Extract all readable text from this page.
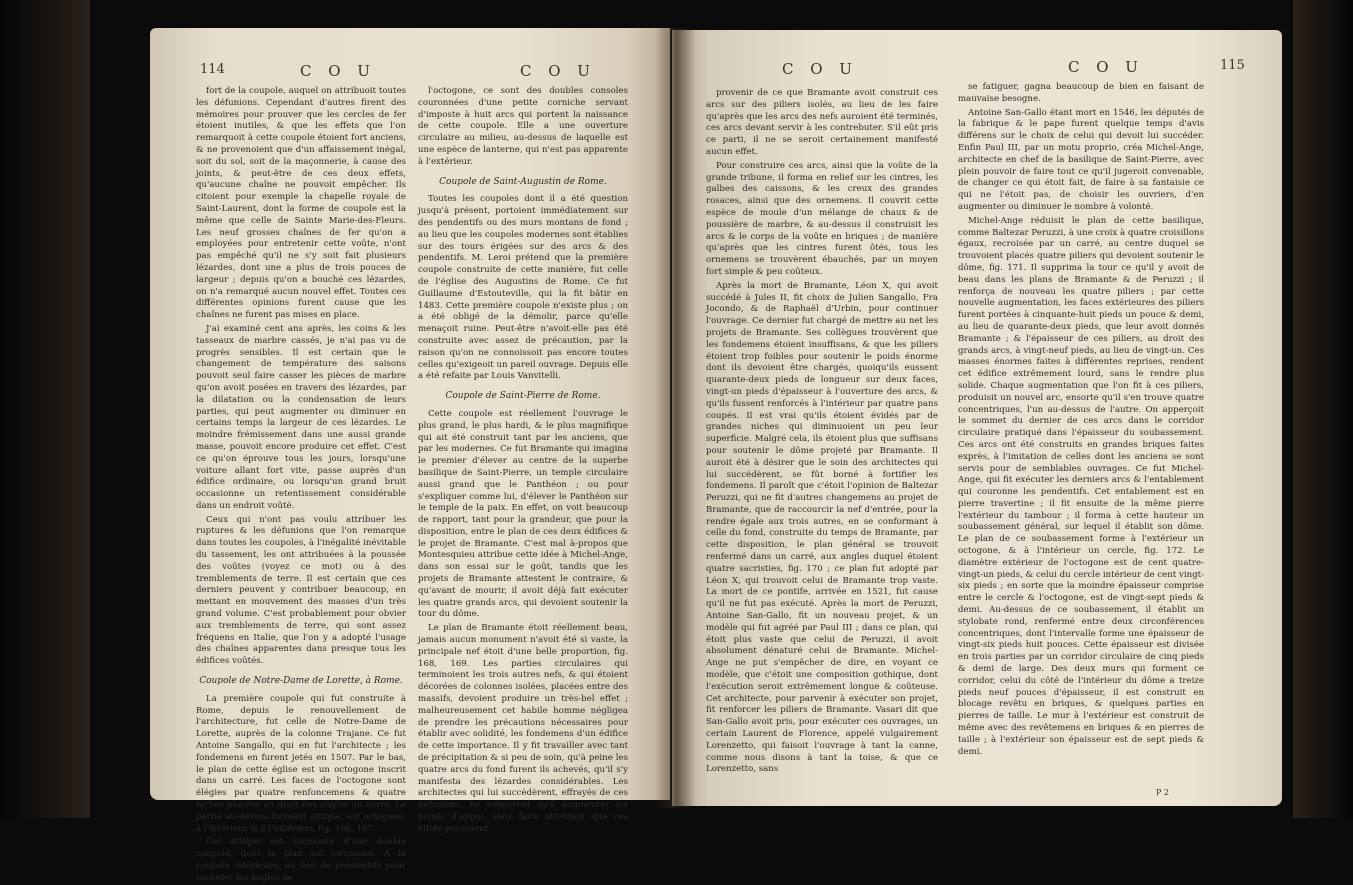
114	C O U	C O U

fort de la coupole, auquel on attribuoit toutes les défunions. Cependant d'autres firent des mémoires pour prouver que les cercles de fer étoient inutiles, & que les effets que l'on remarquoit à cette coupole étoient fort anciens, & ne provenoient que d'un affaissement inégal, soit du sol, soit de la maçonnerie, à cause des joints, & peut-être de ces deux effets, qu'aucune chaîne ne pouvoit empêcher. Ils citoient pour exemple la chapelle royale de Saint-Laurent, dont la forme de coupole est la même que celle de Sainte Marie-des-Fleurs. Les neuf grosses chaînes de fer qu'on a employées pour entretenir cette voûte, n'ont pas empêché qu'il ne s'y soit fait plusieurs lézardes, dont une a plus de trois pouces de largeur ; depuis qu'on a bouché ces lézardes, on n'a remarqué aucun nouvel effet. Toutes ces différentes opinions furent cause que les chaînes ne furent pas mises en place.

J'ai examiné cent ans après, les coins & les tasseaux de marbre cassés, je n'ai pas vu de progrès sensibles. Il est certain que le changement de température des saisons pouvoit seul faire casser les pièces de marbre qu'on avoit posées en travers des lézardes, par la dilatation ou la condensation de leurs parties, qui peut augmenter ou diminuer en certains temps la largeur de ces lézardes. Le moindre frémissement dans une aussi grande masse, pouvoit encore produire cet effet. C'est ce qu'on éprouve tous les jours, lorsqu'une voiture allant fort vite, passe auprès d'un édifice ordinaire, ou lorsqu'un grand bruit occasionne un retentissement considérable dans un endroit voûté.

Ceux qui n'ont pas voulu attribuer les ruptures & les défunions que l'on remarque dans toutes les coupoles, à l'inégalité inévitable du tassement, les ont attribuées à la poussée des voûtes (voyez ce mot) ou à des tremblements de terre. Il est certain que ces derniers peuvent y contribuer beaucoup, en mettant en mouvement des masses d'un très grand volume. C'est probablement pour obvier aux tremblements de terre, qui sont assez fréquens en Italie, que l'on y a adopté l'usage des chaînes apparentes dans presque tous les édifices voûtés.

Coupole de Notre-Dame de Lorette, à Rome.

La première coupole qui fut construite à Rome, depuis le renouvellement de l'architecture, fut celle de Notre-Dame de Lorette, auprès de la colonne Trajane. Ce fut Antoine Sangallo, qui en fut l'architecte ; les fondemens en furent jetés en 1507. Par le bas, le plan de cette église est un octogone inscrit dans un carré. Les faces de l'octogone sont élégies par quatre renfoncemens & quatre niches placées au droit des angles du carré. La partie au-dessus formant attique, est octogone, à l'intérieur & à l'extérieur, fig. 166, 167.

Cet attique est surmonté d'une double coupole, dont le plan est circulaire. A la coupole intérieure, au lieu de pendentifs pour racheter les angles de

l'octogone, ce sont des doubles consoles couronnées d'une petite corniche servant d'imposte à huit arcs qui portent la naissance de cette coupole. Elle a une ouverture circulaire au milieu, au-dessus de laquelle est une espèce de lanterne, qui n'est pas apparente à l'extérieur.

Coupole de Saint-Augustin de Rome.

Toutes les coupoles dont il a été question jusqu'à présent, portoient immédiatement sur des pendentifs ou des murs montans de fond ; au lieu que les coupoles modernes sont établies sur des tours érigées sur des arcs & des pendentifs. M. Leroi prétend que la première coupole construite de cette manière, fut celle de l'église des Augustins de Rome. Ce fut Guillaume d'Estouteville, qui la fit bâtir en 1483. Cette première coupole n'existe plus ; on a été obligé de la démolir, parce qu'elle menaçoit ruine. Peut-être n'avoit-elle pas été construite avec assez de précaution, par la raison qu'on ne connoissoit pas encore toutes celles qu'exigeoit un pareil ouvrage. Depuis elle a été refaite par Louis Vanvitelli.

Coupole de Saint-Pierre de Rome.

Cette coupole est réellement l'ouvrage le plus grand, le plus hardi, & le plus magnifique qui ait été construit tant par les anciens, que par les modernes. Ce fut Bramante qui imagina le premier d'élever au centre de la superbe basilique de Saint-Pierre, un temple circulaire aussi grand que le Panthéon ; ou pour s'expliquer comme lui, d'élever le Panthéon sur le temple de la paix. En effet, on voit beaucoup de rapport, tant pour la grandeur, que pour la disposition, entre le plan de ces deux édifices & le projet de Bramante. C'est mal à-propos que Montesquieu attribue cette idée à Michel-Ange, dans son essai sur le goût, tandis que les projets de Bramante attestent le contraire, & qu'avant de mourir, il avoit déjà fait exécuter les quatre grands arcs, qui devoient soutenir la tour du dôme.

Le plan de Bramante étoit réellement beau, jamais aucun monument n'avoit été si vaste, la principale nef étoit d'une belle proportion, fig. 168, 169. Les parties circulaires qui terminoient les trois autres nefs, & qui étoient décorées de colonnes isolées, placées entre des massifs, devoient produire un très-bel effet ; malheureusement cet habile homme négligea de prendre les précautions nécessaires pour établir avec solidité, les fondemens d'un édifice de cette importance. Il y fit travailler avec tant de précipitation & si peu de soin, qu'à peine les quatre arcs du fond furent ils achevés, qu'il s'y manifesta des lézardes considérables. Les architectes qui lui succédèrent, effrayés de ces défunions, ne songèrent qu'à augmenter les points d'appui, sans faire attention que ces effets pouvoient

C O U	C O U	115

provenir de ce que Bramante avoit construit ces arcs sur des piliers isolés, au lieu de les faire qu'après que les arcs des nefs auroient été terminés, ces arcs devant servir à les contrebuter. S'il eût pris ce parti, il ne se seroit certainement manifesté aucun effet.

Pour construire ces arcs, ainsi que la voûte de la grande tribune, il forma en relief sur les cintres, les galbes des caissons, & les creux des grandes rosaces, ainsi que des ornemens. Il couvrit cette espèce de moule d'un mélange de chaux & de poussière de marbre, & au-dessus il construisit les arcs & le corps de la voûte en briques ; de manière qu'après que les cintres furent ôtés, tous les ornemens se trouvèrent ébauchés, par un moyen fort simple & peu coûteux.

Après la mort de Bramante, Léon X, qui avoit succédé à Jules II, fit choix de Julien Sangallo, Fra Jocondo, & de Raphaël d'Urbin, pour continuer l'ouvrage. Ce dernier fut chargé de mettre au net les projets de Bramante. Ses collègues trouvèrent que les fondemens étoient insuffisans, & que les piliers étoient trop foibles pour soutenir le poids énorme dont ils devoient être chargés, quoiqu'ils eussent quarante-deux pieds de longueur sur deux faces, vingt-un pieds d'épaisseur à l'ouverture des arcs, & qu'ils fussent renforcés à l'intérieur par quatre pans coupés. Il est vrai qu'ils étoient évidés par de grandes niches qui diminuoient un peu leur superficie. Malgré cela, ils étoient plus que suffisans pour soutenir le dôme projeté par Bramante. Il auroit été à désirer que le soin des architectes qui lui succédèrent, se fût borné à fortifier les fondemens. Il paroît que c'étoit l'opinion de Baltezar Peruzzi, qui ne fit d'autres changemens au projet de Bramante, que de raccourcir la nef d'entrée, pour la rendre égale aux trois autres, en se conformant à celle du fond, construite du temps de Bramante, par cette disposition, le plan général se trouvoit renfermé dans un carré, aux angles duquel étoient quatre sacristies, fig. 170 ; ce plan fut adopté par Léon X, qui trouvoit celui de Bramante trop vaste. La mort de ce pontife, arrivée en 1521, fut cause qu'il ne fut pas exécuté. Après la mort de Peruzzi, Antoine San-Gallo, fit un nouveau projet, & un modèle qui fut agréé par Paul III ; dans ce plan, qui étoit plus vaste que celui de Peruzzi, il avoit absolument dénaturé celui de Bramante. Michel-Ange ne put s'empêcher de dire, en voyant ce modèle, que c'étoit une composition gothique, dont l'exécution seroit extrêmement longue & coûteuse. Cet architecte, pour parvenir à exécuter son projet, fit renforcer les piliers de Bramante. Vasari dit que San-Gallo avoit pris, pour exécuter ces ouvrages, un certain Laurent de Florence, appelé vulgairement Lorenzetto, qui faisoit l'ouvrage à tant la canne, comme nous disons à tant la toise, & que ce Lorenzetto, sans

se fatiguer, gagna beaucoup de bien en faisant de mauvaise besogne.

Antoine San-Gallo étant mort en 1546, les députés de la fabrique & le pape furent quelque temps d'avis différens sur le choix de celui qui devoit lui succéder. Enfin Paul III, par un motu proprio, créa Michel-Ange, architecte en chef de la basilique de Saint-Pierre, avec plein pouvoir de faire tout ce qu'il jugeroit convenable, de changer ce qui étoit fait, de faire à sa fantaisie ce qui ne l'étoit pas, de choisir les ouvriers, d'en augmenter ou diminuer le nombre à volonté.

Michel-Ange réduisit le plan de cette basilique, comme Baltezar Peruzzi, à une croix à quatre croisillons égaux, recroisée par un carré, au centre duquel se trouvoient placés quatre piliers qui devoient soutenir le dôme, fig. 171. Il supprima la tour ce qu'il y avoit de beau dans les plans de Bramante & de Peruzzi ; il renforça de nouveau les quatre piliers ; par cette nouvelle augmentation, les faces extérieures des piliers furent portées à cinquante-huit pieds un pouce & demi, au lieu de quarante-deux pieds, que leur avoit donnés Bramante ; & l'épaisseur de ces piliers, au droit des grands arcs, à vingt-neuf pieds, au lieu de vingt-un. Ces masses énormes faites à différentes reprises, rendent cet édifice extrêmement lourd, sans le rendre plus solide. Chaque augmentation que l'on fit à ces piliers, produisit un nouvel arc, ensorte qu'il s'en trouve quatre concentriques, l'un au-dessus de l'autre. On apperçoit le sommet du dernier de ces arcs dans le corridor circulaire pratiqué dans l'épaisseur du soubassement. Ces arcs ont été construits en grandes briques faites exprès, à l'imitation de celles dont les anciens se sont servis pour de semblables ouvrages. Ce fut Michel-Ange, qui fit exécuter les derniers arcs & l'entablement qui couronne les pendentifs. Cet entablement est en pierre travertine ; il fit ensuite de la même pierre l'extérieur du tambour ; il forma à cette hauteur un soubassement général, sur lequel il établit son dôme. Le plan de ce soubassement forme à l'extérieur un octogone, & à l'intérieur un cercle, fig. 172. Le diamètre extérieur de l'octogone est de cent quatre-vingt-un pieds, & celui du cercle intérieur de cent vingt-six pieds ; en sorte que la moindre épaisseur comprise entre le cercle & l'octogone, est de vingt-sept pieds & demi. Au-dessus de ce soubassement, il établit un stylobate rond, renfermé entre deux circonférences concentriques, dont l'intervalle forme une épaisseur de vingt-six pieds huit pouces. Cette épaisseur est divisée en trois parties par un corridor circulaire de cinq pieds & demi de large. Des deux murs qui forment ce corridor, celui du côté de l'intérieur du dôme a treize pieds neuf pouces d'épaisseur, il est construit en blocage revêtu en briques, & quelques parties en pierres de taille. Le mur à l'extérieur est construit de même avec des revêtemens en briques & en pierres de taille ; à l'extérieur son épaisseur est de sept pieds & demi.

P 2
